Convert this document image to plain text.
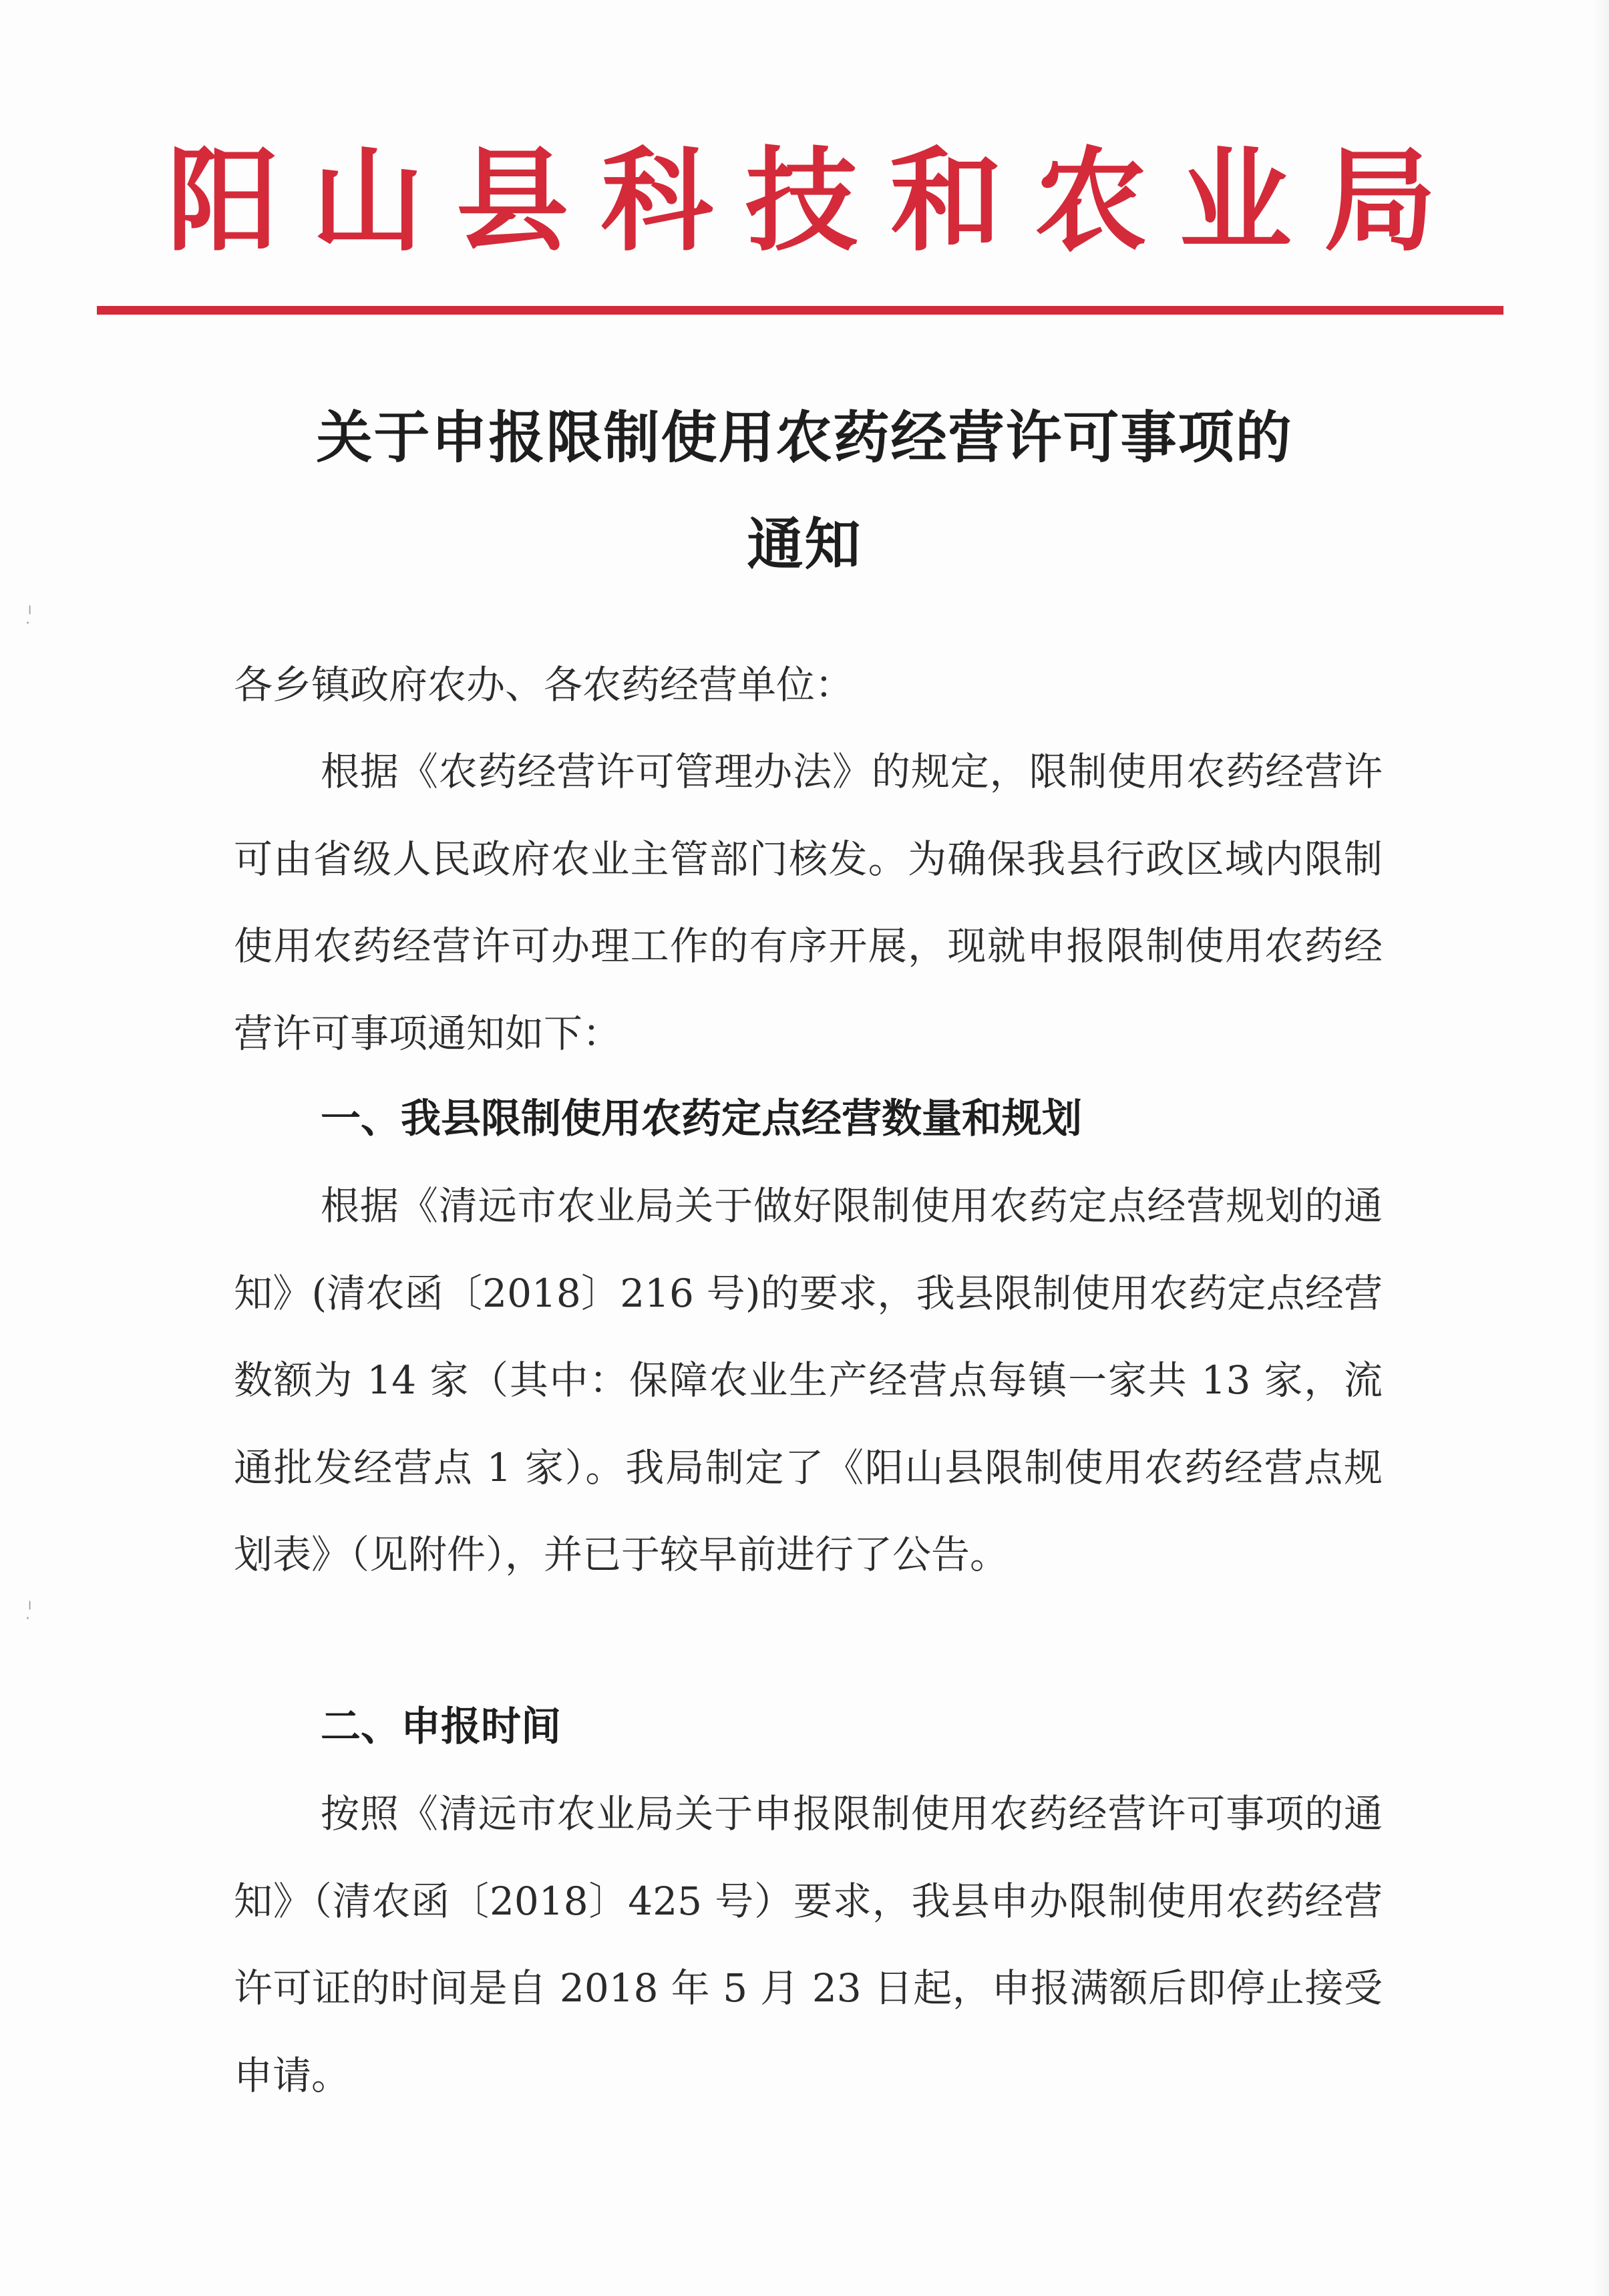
阳 山 县 科 技 和 农 业 局
关于申报限制使用农药经营许可事项的
通知
各乡镇政府农办、各农药经营单位：
根据《农药经营许可管理办法》的规定，限制使用农药经营许可由省级人民政府农业主管部门核发。为确保我县行政区域内限制使用农药经营许可办理工作的有序开展，现就申报限制使用农药经营许可事项通知如下：
一、我县限制使用农药定点经营数量和规划
根据《清远市农业局关于做好限制使用农药定点经营规划的通知》(清农函〔2018〕216 号)的要求，我县限制使用农药定点经营数额为 14 家（其中：保障农业生产经营点每镇一家共 13 家，流通批发经营点 1 家）。我局制定了《阳山县限制使用农药经营点规划表》（见附件），并已于较早前进行了公告。
二、申报时间
按照《清远市农业局关于申报限制使用农药经营许可事项的通知》（清农函〔2018〕425 号）要求，我县申办限制使用农药经营许可证的时间是自 2018 年 5 月 23 日起，申报满额后即停止接受申请。
╷
·
╷
·
